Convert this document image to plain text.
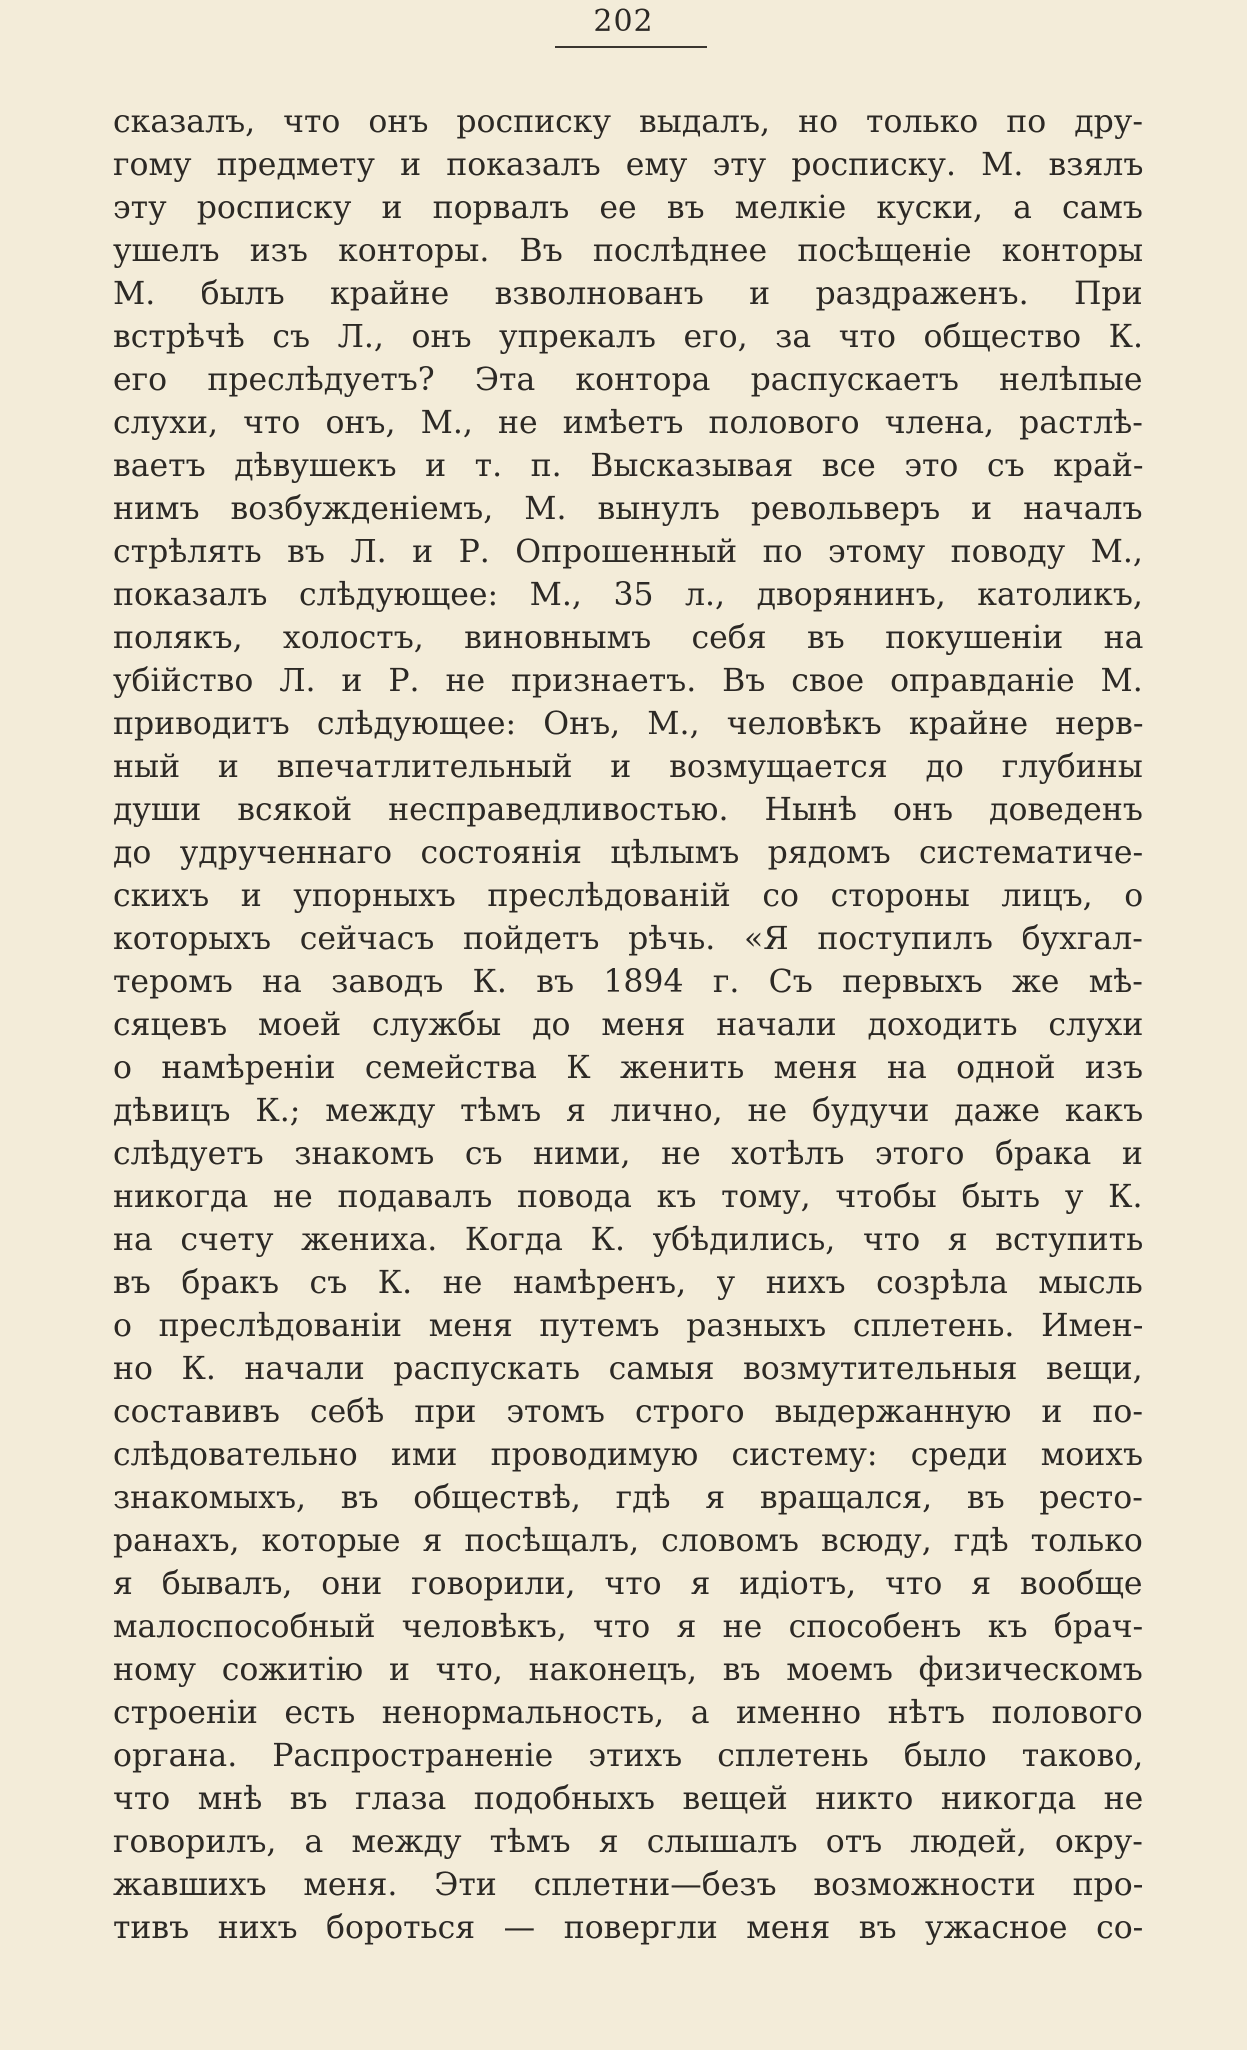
202
сказалъ, что онъ росписку выдалъ, но только по дру-
гому предмету и показалъ ему эту росписку. М. взялъ
эту росписку и порвалъ ее въ мелкіе куски, а самъ
ушелъ изъ конторы. Въ послѣднее посѣщеніе конторы
М. былъ крайне взволнованъ и раздраженъ. При
встрѣчѣ съ Л., онъ упрекалъ его, за что общество К.
его преслѣдуетъ? Эта контора распускаетъ нелѣпые
слухи, что онъ, М., не имѣетъ полового члена, растлѣ-
ваетъ дѣвушекъ и т. п. Высказывая все это съ край-
нимъ возбужденіемъ, М. вынулъ револьверъ и началъ
стрѣлять въ Л. и Р. Опрошенный по этому поводу М.,
показалъ слѣдующее: М., 35 л., дворянинъ, католикъ,
полякъ, холостъ, виновнымъ себя въ покушеніи на
убійство Л. и Р. не признаетъ. Въ свое оправданіе М.
приводитъ слѣдующее: Онъ, М., человѣкъ крайне нерв-
ный и впечатлительный и возмущается до глубины
души всякой несправедливостью. Нынѣ онъ доведенъ
до удрученнаго состоянія цѣлымъ рядомъ систематиче-
скихъ и упорныхъ преслѣдованій со стороны лицъ, о
которыхъ сейчасъ пойдетъ рѣчь. «Я поступилъ бухгал-
теромъ на заводъ К. въ 1894 г. Съ первыхъ же мѣ-
сяцевъ моей службы до меня начали доходить слухи
о намѣреніи семейства К женить меня на одной изъ
дѣвицъ К.; между тѣмъ я лично, не будучи даже какъ
слѣдуетъ знакомъ съ ними, не хотѣлъ этого брака и
никогда не подавалъ повода къ тому, чтобы быть у К.
на счету жениха. Когда К. убѣдились, что я вступить
въ бракъ съ К. не намѣренъ, у нихъ созрѣла мысль
о преслѣдованіи меня путемъ разныхъ сплетень. Имен-
но К. начали распускать самыя возмутительныя вещи,
составивъ себѣ при этомъ строго выдержанную и по-
слѣдовательно ими проводимую систему: среди моихъ
знакомыхъ, въ обществѣ, гдѣ я вращался, въ ресто-
ранахъ, которые я посѣщалъ, словомъ всюду, гдѣ только
я бывалъ, они говорили, что я идіотъ, что я вообще
малоспособный человѣкъ, что я не способенъ къ брач-
ному сожитію и что, наконецъ, въ моемъ физическомъ
строеніи есть ненормальность, а именно нѣтъ полового
органа. Распространеніе этихъ сплетень было таково,
что мнѣ въ глаза подобныхъ вещей никто никогда не
говорилъ, а между тѣмъ я слышалъ отъ людей, окру-
жавшихъ меня. Эти сплетни—безъ возможности про-
тивъ нихъ бороться — повергли меня въ ужасное со-
